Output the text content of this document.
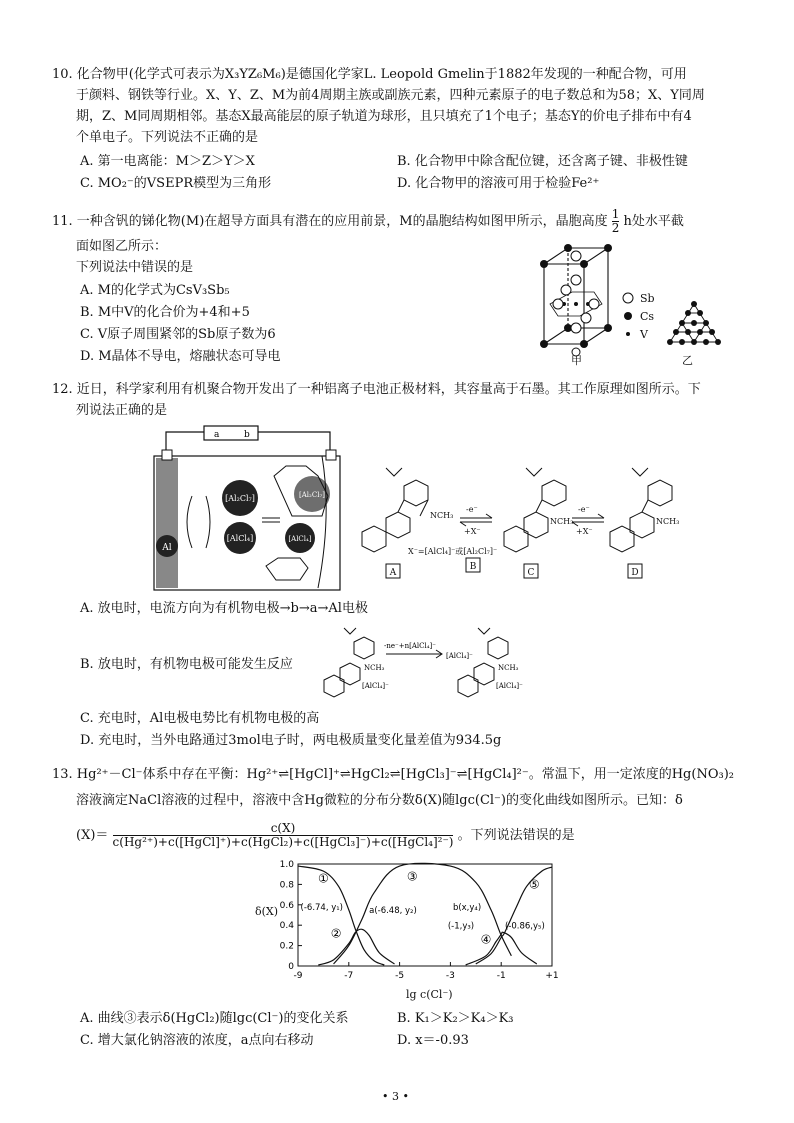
10. 化合物甲(化学式可表示为X₃YZ₆M₆)是德国化学家L. Leopold Gmelin于1882年发现的一种配合物，可用
于颜料、钢铁等行业。X、Y、Z、M为前4周期主族或副族元素，四种元素原子的电子数总和为58；X、Y同周
期，Z、M同周期相邻。基态X最高能层的原子轨道为球形，且只填充了1个电子；基态Y的价电子排布中有4
个单电子。下列说法不正确的是
A. 第一电离能：M＞Z＞Y＞X	B. 化合物甲中除含配位键，还含离子键、非极性键
C. MO₂⁻的VSEPR模型为三角形	D. 化合物甲的溶液可用于检验Fe²⁺
11. 一种含钒的锑化物(M)在超导方面具有潜在的应用前景，M的晶胞结构如图甲所示，晶胞高度 $\frac{1}{2}$ h处水平截
面如图乙所示：
下列说法中错误的是
A. M的化学式为CsV₃Sb₅
B. M中V的化合价为+4和+5
C. V原子周围紧邻的Sb原子数为6
D. M晶体不导电，熔融状态可导电	甲
Sb
Cs
V
乙
12. 近日，科学家利用有机聚合物开发出了一种铝离子电池正极材料，其容量高于石墨。其工作原理如图所示。下
列说法正确的是
Al
[Al₂Cl₇]
[AlCl₄]	[AlCl₄]
[Al₂Cl₇]
a	b
NCH₃
NCH₃	NCH₃
X⁻=[AlCl₄]⁻或[Al₂Cl₇]⁻
-e⁻
+X⁻
-e⁻
+X⁻
A
B
C	D
A. 放电时，电流方向为有机物电极→b→a→Al电极
B. 放电时，有机物电极可能发生反应
-ne⁻+n[AlCl₄]⁻
[AlCl₄]⁻
[AlCl₄]⁻	[AlCl₄]⁻
NCH₃	NCH₃
C. 充电时，Al电极电势比有机物电极的高
D. 充电时，当外电路通过3mol电子时，两电极质量变化量差值为934.5g
13. Hg²⁺－Cl⁻体系中存在平衡：Hg²⁺⇌[HgCl]⁺⇌HgCl₂⇌[HgCl₃]⁻⇌[HgCl₄]²⁻。常温下，用一定浓度的Hg(NO₃)₂
溶液滴定NaCl溶液的过程中，溶液中含Hg微粒的分布分数δ(X)随lgc(Cl⁻)的变化曲线如图所示。已知：δ
$(X)= \frac{c(X)}{\text{c(Hg²⁺)+c([HgCl]⁺)+c(HgCl₂)+c([HgCl₃]⁻)+c([HgCl₄]²⁻)}}$ 。下列说法错误的是
0
0.2
0.4
0.6
0.8
1.0
-9	-7	-5	-3	-1	+1
①
②
③
④
⑤
(-6.74, y₁)	a(-6.48, y₂)	b(x,y₄)
(-1,y₃)	(-0.86,y₅)
δ(X)
lg c(Cl⁻)
A. 曲线③表示δ(HgCl₂)随lgc(Cl⁻)的变化关系	B. K₁＞K₂＞K₄＞K₃
C. 增大氯化钠溶液的浓度，a点向右移动	D. x＝-0.93
• 3 •
